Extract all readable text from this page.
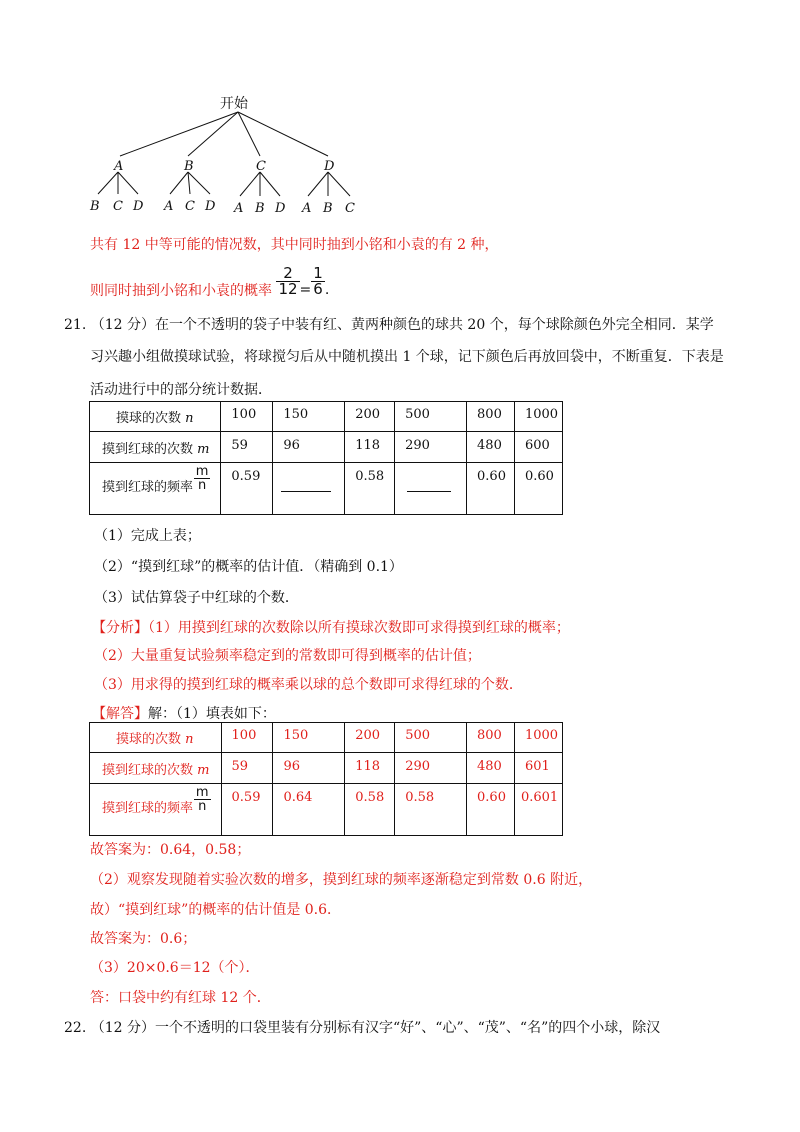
开始
A	B	C	D
B C D A C D A B D A B C
共有 12 中等可能的情况数，其中同时抽到小铭和小袁的有 2 种，
则同时抽到小铭和小袁的概率 $\frac{2}{12} = \frac{1}{6}$ .
21. （12 分）在一个不透明的袋子中装有红、黄两种颜色的球共 20 个，每个球除颜色外完全相同．某学
习兴趣小组做摸球试验，将球搅匀后从中随机摸出 1 个球，记下颜色后再放回袋中，不断重复．下表是
活动进行中的部分统计数据．
摸球的次数 n	100	150	200	500	800	1000
摸到红球的次数 m	59	96	118	290	480	600

$\frac{m}{n}$
摸到红球的频率	0.59		0.58		0.60	0.60
（1）完成上表；
（2）“摸到红球”的概率的估计值．（精确到 0.1）
（3）试估算袋子中红球的个数．
【分析】（1）用摸到红球的次数除以所有摸球次数即可求得摸到红球的概率；
（2）大量重复试验频率稳定到的常数即可得到概率的估计值；
（3）用求得的摸到红球的概率乘以球的总个数即可求得红球的个数．
【解答】解：（1）填表如下：
摸球的次数 n	100	150	200	500	800	1000
摸到红球的次数 m	59	96	118	290	480	601

$\frac{m}{n}$
摸到红球的频率	0.59	0.64	0.58	0.58	0.60	0.601
故答案为：0.64，0.58；
（2）观察发现随着实验次数的增多，摸到红球的频率逐渐稳定到常数 0.6 附近，
故）“摸到红球”的概率的估计值是 0.6．
故答案为：0.6；
（3）20×0.6＝12（个）．
答：口袋中约有红球 12 个．
22. （12 分）一个不透明的口袋里装有分别标有汉字“好”、“心”、“茂”、“名”的四个小球，除汉
